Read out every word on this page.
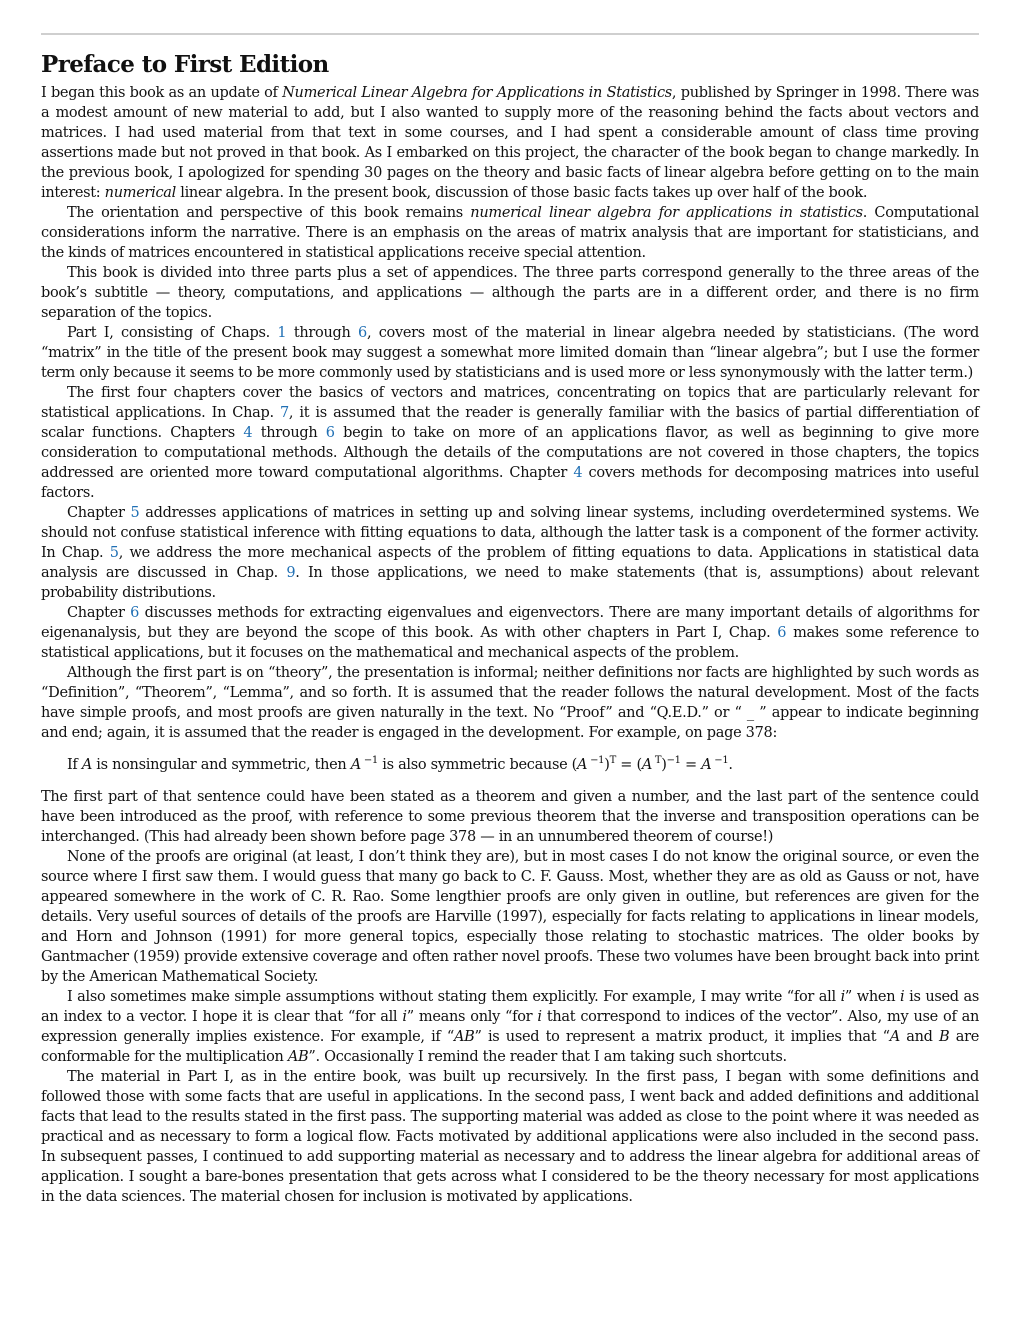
Preface to First Edition

I began this book as an update of Numerical Linear Algebra for Applications in Statistics, published by Springer in 1998. There was a modest amount of new material to add, but I also wanted to supply more of the reasoning behind the facts about vectors and matrices. I had used material from that text in some courses, and I had spent a considerable amount of class time proving assertions made but not proved in that book. As I embarked on this project, the character of the book began to change markedly. In the previous book, I apologized for spending 30 pages on the theory and basic facts of linear algebra before getting on to the main interest: numerical linear algebra. In the present book, discussion of those basic facts takes up over half of the book.

The orientation and perspective of this book remains numerical linear algebra for applications in statistics. Computational considerations inform the narrative. There is an emphasis on the areas of matrix analysis that are important for statisticians, and the kinds of matrices encountered in statistical applications receive special attention.

This book is divided into three parts plus a set of appendices. The three parts correspond generally to the three areas of the book’s subtitle — theory, computations, and applications — although the parts are in a different order, and there is no firm separation of the topics.

Part I, consisting of Chaps. 1 through 6, covers most of the material in linear algebra needed by statisticians. (The word “matrix” in the title of the present book may suggest a somewhat more limited domain than “linear algebra”; but I use the former term only because it seems to be more commonly used by statisticians and is used more or less synonymously with the latter term.)

The first four chapters cover the basics of vectors and matrices, concentrating on topics that are particularly relevant for statistical applications. In Chap. 7, it is assumed that the reader is generally familiar with the basics of partial differentiation of scalar functions. Chapters 4 through 6 begin to take on more of an applications flavor, as well as beginning to give more consideration to computational methods. Although the details of the computations are not covered in those chapters, the topics addressed are oriented more toward computational algorithms. Chapter 4 covers methods for decomposing matrices into useful factors.

Chapter 5 addresses applications of matrices in setting up and solving linear systems, including overdetermined systems. We should not confuse statistical inference with fitting equations to data, although the latter task is a component of the former activity. In Chap. 5, we address the more mechanical aspects of the problem of fitting equations to data. Applications in statistical data analysis are discussed in Chap. 9. In those applications, we need to make statements (that is, assumptions) about relevant probability distributions.

Chapter 6 discusses methods for extracting eigenvalues and eigenvectors. There are many important details of algorithms for eigenanalysis, but they are beyond the scope of this book. As with other chapters in Part I, Chap. 6 makes some reference to statistical applications, but it focuses on the mathematical and mechanical aspects of the problem.

Although the first part is on “theory”, the presentation is informal; neither definitions nor facts are highlighted by such words as “Definition”, “Theorem”, “Lemma”, and so forth. It is assumed that the reader follows the natural development. Most of the facts have simple proofs, and most proofs are given naturally in the text. No “Proof” and “Q.E.D.” or “ _ ” appear to indicate beginning and end; again, it is assumed that the reader is engaged in the development. For example, on page 378:

If A is nonsingular and symmetric, then A $^{-1}$ is also symmetric because (A $^{-1}$)$^T$ = (A $^T$)$^{-1}$ = A $^{-1}$.

The first part of that sentence could have been stated as a theorem and given a number, and the last part of the sentence could have been introduced as the proof, with reference to some previous theorem that the inverse and transposition operations can be interchanged. (This had already been shown before page 378 — in an unnumbered theorem of course!)

None of the proofs are original (at least, I don’t think they are), but in most cases I do not know the original source, or even the source where I first saw them. I would guess that many go back to C. F. Gauss. Most, whether they are as old as Gauss or not, have appeared somewhere in the work of C. R. Rao. Some lengthier proofs are only given in outline, but references are given for the details. Very useful sources of details of the proofs are Harville (1997), especially for facts relating to applications in linear models, and Horn and Johnson (1991) for more general topics, especially those relating to stochastic matrices. The older books by Gantmacher (1959) provide extensive coverage and often rather novel proofs. These two volumes have been brought back into print by the American Mathematical Society.

I also sometimes make simple assumptions without stating them explicitly. For example, I may write “for all i” when i is used as an index to a vector. I hope it is clear that “for all i” means only “for i that correspond to indices of the vector”. Also, my use of an expression generally implies existence. For example, if “AB” is used to represent a matrix product, it implies that “A and B are conformable for the multiplication AB”. Occasionally I remind the reader that I am taking such shortcuts.

The material in Part I, as in the entire book, was built up recursively. In the first pass, I began with some definitions and followed those with some facts that are useful in applications. In the second pass, I went back and added definitions and additional facts that lead to the results stated in the first pass. The supporting material was added as close to the point where it was needed as practical and as necessary to form a logical flow. Facts motivated by additional applications were also included in the second pass. In subsequent passes, I continued to add supporting material as necessary and to address the linear algebra for additional areas of application. I sought a bare-bones presentation that gets across what I considered to be the theory necessary for most applications in the data sciences. The material chosen for inclusion is motivated by applications.
